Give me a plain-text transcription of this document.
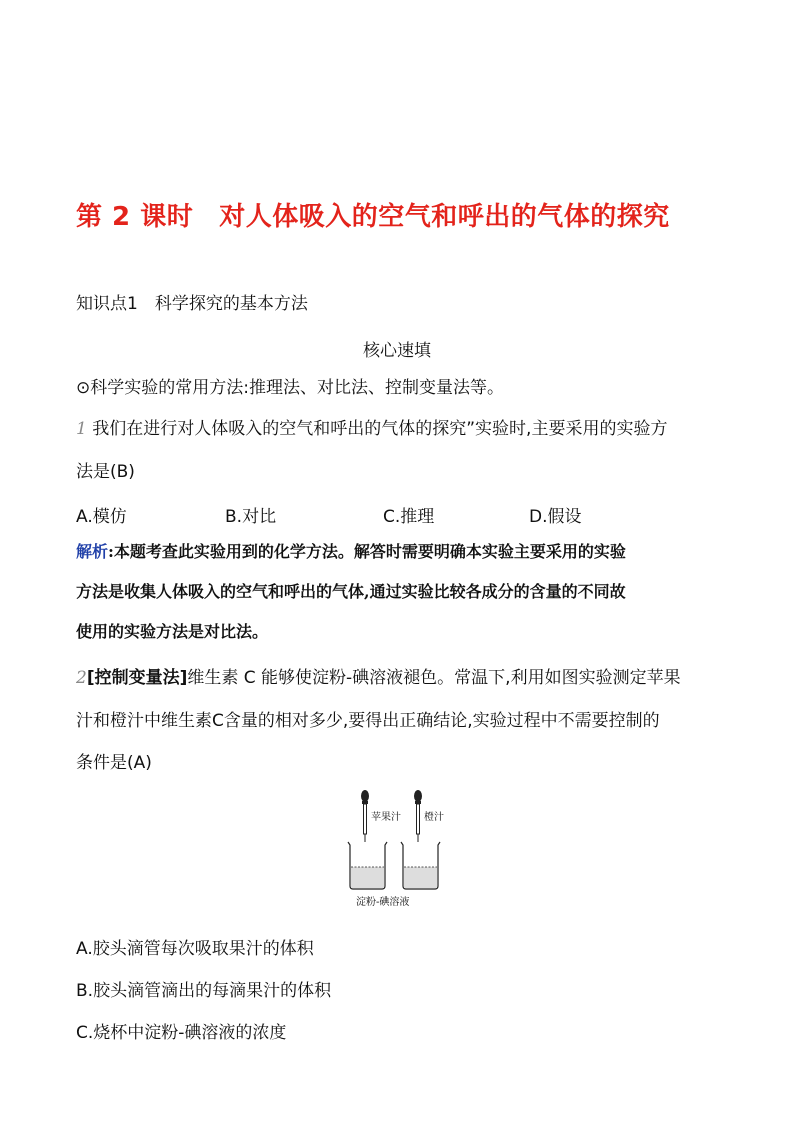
第 2 课时 对人体吸入的空气和呼出的气体的探究
知识点1　科学探究的基本方法
核心速填
⊙科学实验的常用方法:推理法、对比法、控制变量法等。
1 我们在进行对人体吸入的空气和呼出的气体的探究”实验时,主要采用的实验方
法是(B)
A.模仿	B.对比	C.推理	D.假设
解析:本题考查此实验用到的化学方法。解答时需要明确本实验主要采用的实验
方法是收集人体吸入的空气和呼出的气体,通过实验比较各成分的含量的不同故
使用的实验方法是对比法。
2[控制变量法]维生素 C 能够使淀粉-碘溶液褪色。常温下,利用如图实验测定苹果
汁和橙汁中维生素C含量的相对多少,要得出正确结论,实验过程中不需要控制的
条件是(A)
苹果汁 橙汁
淀粉-碘溶液
A.胶头滴管每次吸取果汁的体积
B.胶头滴管滴出的每滴果汁的体积
C.烧杯中淀粉-碘溶液的浓度
